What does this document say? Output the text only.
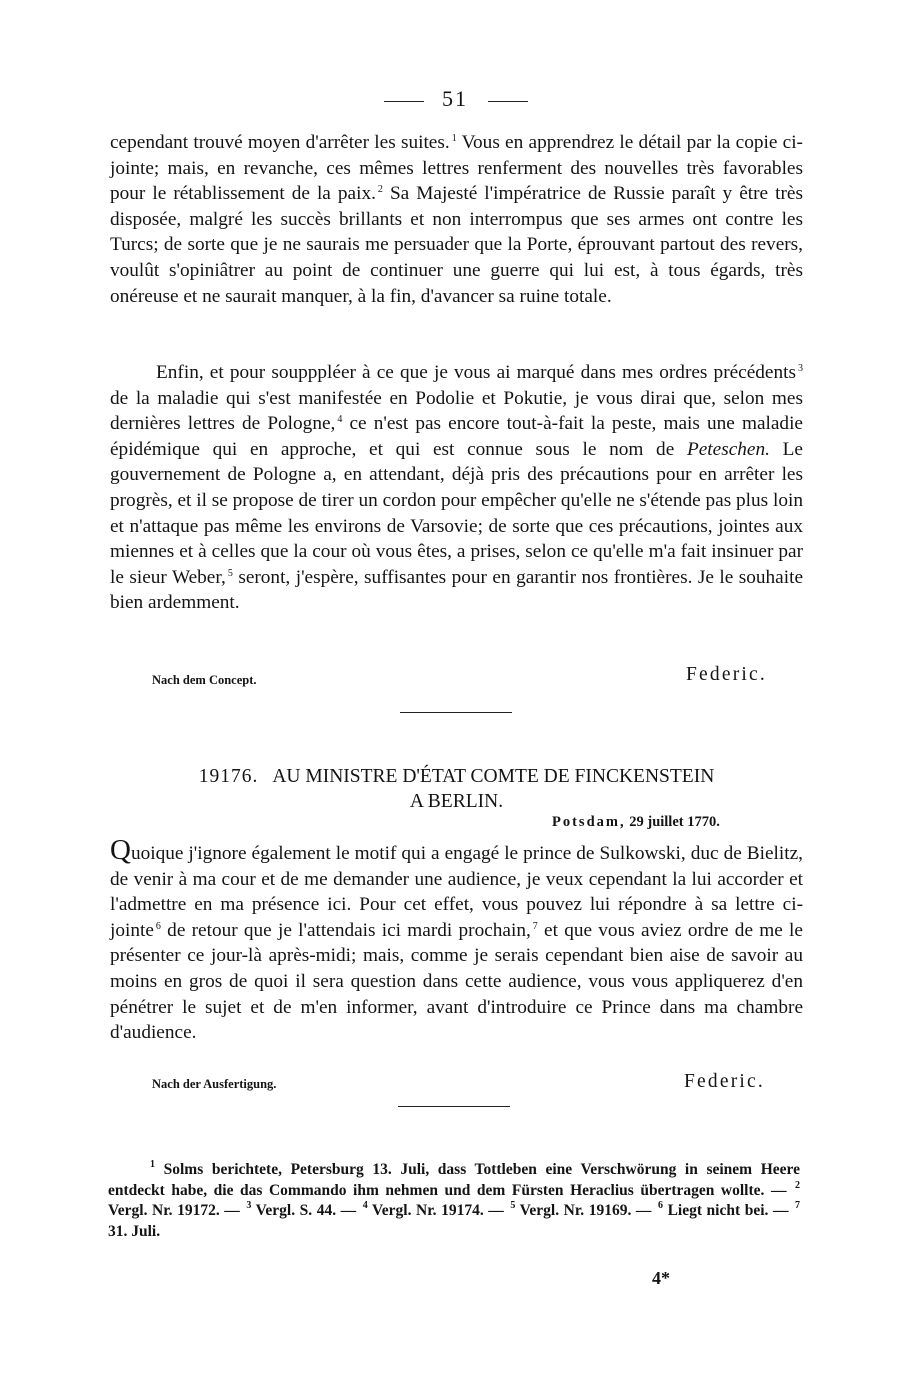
51

cependant trouvé moyen d'arrêter les suites. $^1$ Vous en apprendrez le détail par la copie ci-jointe; mais, en revanche, ces mêmes lettres renferment des nouvelles très favorables pour le rétablissement de la paix. $^2$ Sa Majesté l'impératrice de Russie paraît y être très disposée, malgré les succès brillants et non interrompus que ses armes ont contre les Turcs; de sorte que je ne saurais me persuader que la Porte, éprouvant partout des revers, voulût s'opiniâtrer au point de continuer une guerre qui lui est, à tous égards, très onéreuse et ne saurait manquer, à la fin, d'avancer sa ruine totale.

Enfin, et pour soupppléer à ce que je vous ai marqué dans mes ordres précédents $^3$ de la maladie qui s'est manifestée en Podolie et Pokutie, je vous dirai que, selon mes dernières lettres de Pologne, $^4$ ce n'est pas encore tout-à-fait la peste, mais une maladie épidémique qui en approche, et qui est connue sous le nom de Peteschen. Le gouvernement de Pologne a, en attendant, déjà pris des précautions pour en arrêter les progrès, et il se propose de tirer un cordon pour empêcher qu'elle ne s'étende pas plus loin et n'attaque pas même les environs de Varsovie; de sorte que ces précautions, jointes aux miennes et à celles que la cour où vous êtes, a prises, selon ce qu'elle m'a fait insinuer par le sieur Weber, $^5$ seront, j'espère, suffisantes pour en garantir nos frontières. Je le souhaite bien ardemment.

Nach dem Concept.	Federic.
19176. AU MINISTRE D'ÉTAT COMTE DE FINCKENSTEIN
A BERLIN.
Potsdam, 29 juillet 1770.

Quoique j'ignore également le motif qui a engagé le prince de Sulkowski, duc de Bielitz, de venir à ma cour et de me demander une audience, je veux cependant la lui accorder et l'admettre en ma présence ici. Pour cet effet, vous pouvez lui répondre à sa lettre ci-jointe $^6$ de retour que je l'attendais ici mardi prochain, $^7$ et que vous aviez ordre de me le présenter ce jour-là après-midi; mais, comme je serais cependant bien aise de savoir au moins en gros de quoi il sera question dans cette audience, vous vous appliquerez d'en pénétrer le sujet et de m'en informer, avant d'introduire ce Prince dans ma chambre d'audience.

Nach der Ausfertigung.	Federic.

$^1$ Solms berichtete, Petersburg 13. Juli, dass Tottleben eine Verschwörung in seinem Heere entdeckt habe, die das Commando ihm nehmen und dem Fürsten Heraclius übertragen wollte. — $^2$ Vergl. Nr. 19172. — $^3$ Vergl. S. 44. — $^4$ Vergl. Nr. 19174. — $^5$ Vergl. Nr. 19169. — $^6$ Liegt nicht bei. — $^7$ 31. Juli.

4*
